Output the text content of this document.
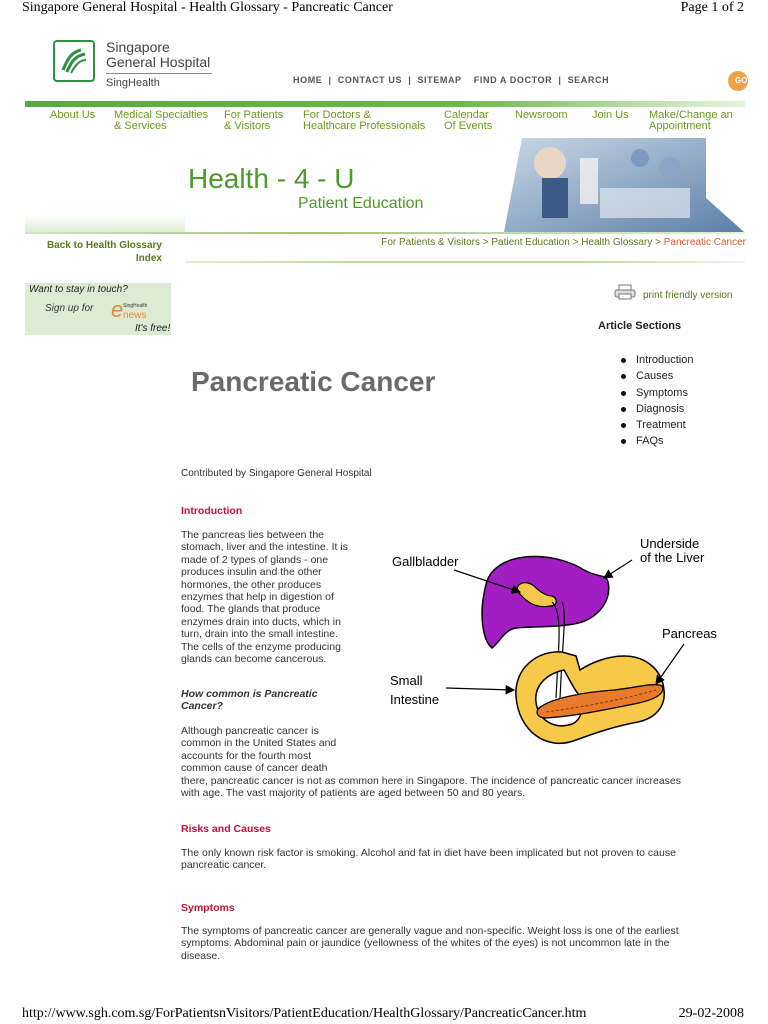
Singapore General Hospital - Health Glossary - Pancreatic Cancer	Page 1 of 2
http://www.sgh.com.sg/ForPatientsnVisitors/PatientEducation/HealthGlossary/PancreaticCancer.htm	29-02-2008
Singapore
General Hospital
SingHealth	HOME | CONTACT US | SITEMAP FIND A DOCTOR | SEARCH	GO
About Us Medical Specialties
& Services
For Patients
& Visitors
For Doctors &
Healthcare Professionals
Calendar
Of Events
Newsroom Join Us Make/Change an
Appointment
Health - 4 - U
Patient Education
Back to Health Glossary
Index
For Patients & Visitors > Patient Education > Health Glossary > Pancreatic Cancer
Want to stay in touch?
Sign up for e SingHealth
news
It's free!
print friendly version
Article Sections
Introduction
Causes
Symptoms
Diagnosis
Treatment
FAQs
Pancreatic Cancer
Contributed by Singapore General Hospital
Introduction
The pancreas lies between the
stomach, liver and the intestine. It is
made of 2 types of glands - one
produces insulin and the other
hormones, the other produces
enzymes that help in digestion of
food. The glands that produce
enzymes drain into ducts, which in
turn, drain into the small intestine.
The cells of the enzyme producing
glands can become cancerous.
How common is Pancreatic Cancer?
Although pancreatic cancer is
common in the United States and
accounts for the fourth most
common cause of cancer death
there, pancreatic cancer is not as common here in Singapore. The incidence of pancreatic cancer increases
with age. The vast majority of patients are aged between 50 and 80 years.
Risks and Causes
The only known risk factor is smoking. Alcohol and fat in diet have been implicated but not proven to cause
pancreatic cancer.
Symptoms
The symptoms of pancreatic cancer are generally vague and non-specific. Weight loss is one of the earliest
symptoms. Abdominal pain or jaundice (yellowness of the whites of the eyes) is not uncommon late in the
disease.
Gallbladder
Underside
of the Liver
Pancreas
Small
Intestine
